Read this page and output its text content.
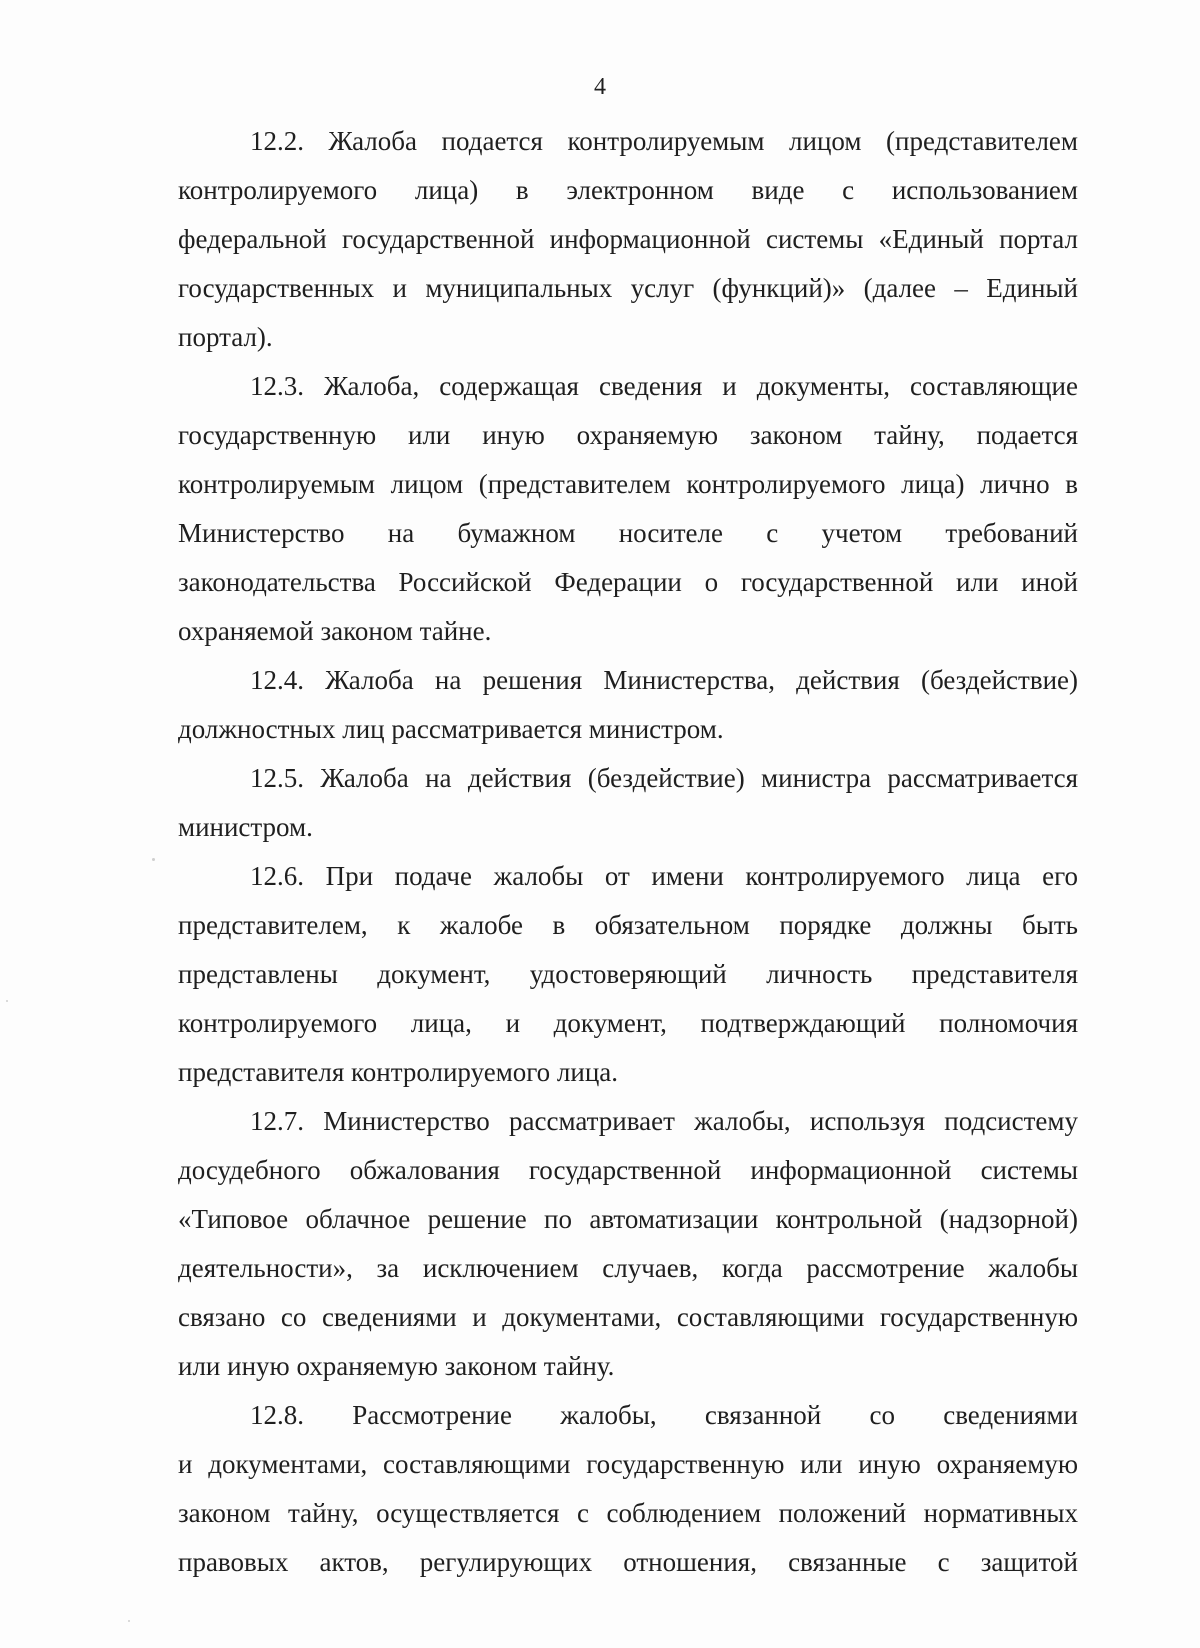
4
12.2. Жалоба подается контролируемым лицом (представителем
контролируемого лица) в электронном виде с использованием
федеральной государственной информационной системы «Единый портал
государственных и муниципальных услуг (функций)» (далее – Единый
портал).
12.3. Жалоба, содержащая сведения и документы, составляющие
государственную или иную охраняемую законом тайну, подается
контролируемым лицом (представителем контролируемого лица) лично в
Министерство на бумажном носителе с учетом требований
законодательства Российской Федерации о государственной или иной
охраняемой законом тайне.
12.4. Жалоба на решения Министерства, действия (бездействие)
должностных лиц рассматривается министром.
12.5. Жалоба на действия (бездействие) министра рассматривается
министром.
12.6. При подаче жалобы от имени контролируемого лица его
представителем, к жалобе в обязательном порядке должны быть
представлены документ, удостоверяющий личность представителя
контролируемого лица, и документ, подтверждающий полномочия
представителя контролируемого лица.
12.7. Министерство рассматривает жалобы, используя подсистему
досудебного обжалования государственной информационной системы
«Типовое облачное решение по автоматизации контрольной (надзорной)
деятельности», за исключением случаев, когда рассмотрение жалобы
связано со сведениями и документами, составляющими государственную
или иную охраняемую законом тайну.
12.8. Рассмотрение жалобы, связанной со сведениями
и документами, составляющими государственную или иную охраняемую
законом тайну, осуществляется с соблюдением положений нормативных
правовых актов, регулирующих отношения, связанные с защитой
